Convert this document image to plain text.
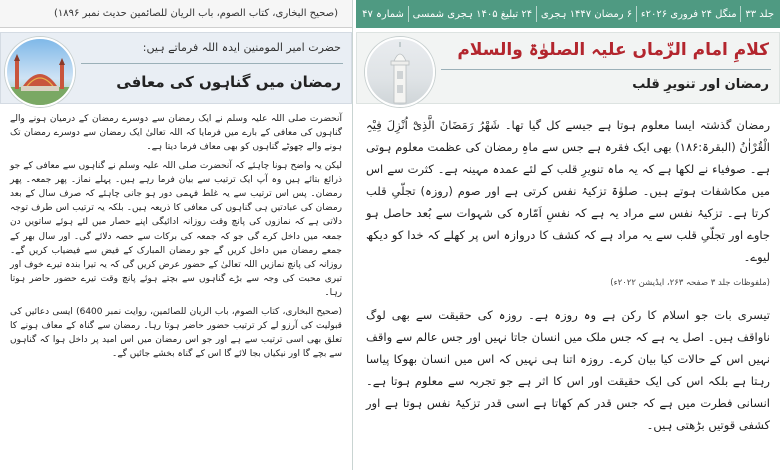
(صحیح البخاری، کتاب الصوم، باب الریان للصائمین حدیث نمبر ۱۸۹۶)
حضرت امیر المومنین ایدہ اللہ فرماتے ہیں:
رمضان میں گناہوں کی معافی

آنحضرت صلی اللہ علیہ وسلم نے ایک رمضان سے دوسرے رمضان کے درمیان ہونے والے گناہوں کی معافی کے بارے میں فرمایا کہ اللہ تعالیٰ ایک رمضان سے دوسرے رمضان تک ہونے والے چھوٹے گناہوں کو بھی معاف فرما دیتا ہے۔

لیکن یہ واضح ہونا چاہئے کہ آنحضرت صلی اللہ علیہ وسلم نے گناہوں سے معافی کے جو ذرائع بتائے ہیں وہ آپ ایک ترتیب سے بیان فرما رہے ہیں۔ پہلے نماز۔ پھر جمعہ۔ پھر رمضان۔ پس اس ترتیب سے یہ غلط فہمی دور ہو جانی چاہئے کہ صرف سال کے بعد رمضان کی عبادتیں ہی گناہوں کی معافی کا ذریعہ ہیں۔ بلکہ یہ ترتیب اس طرف توجہ دلاتی ہے کہ نمازوں کی پانچ وقت روزانہ ادائیگی اپنے حصار میں لئے ہوئے ساتویں دن جمعہ میں داخل کرے گی جو کہ جمعہ کی برکات سے حصہ دلائے گی۔ اور سال بھر کے جمعے رمضان میں داخل کریں گے جو رمضان المبارک کے فیض سے فیضیاب کریں گے۔ روزانہ کی پانچ نمازیں اللہ تعالیٰ کے حضور عرض کریں گی کہ یہ تیرا بندہ تیرے خوف اور تیری محبت کی وجہ سے بڑے گناہوں سے بچتے ہوئے پانچ وقت تیرے حضور حاضر ہوتا رہا۔

(صحیح البخاری، کتاب الصوم، باب الریان للصائمین، روایت نمبر 6400) ایسی دعائیں کی قبولیت کی آرزو لے کر ترتیب حضور حاضر ہوتا رہا۔ رمضان سے گناہ کے معاف ہونے کا تعلق بھی اسی ترتیب سے ہے اور جو اس رمضان میں اس امید پر داخل ہوا کہ گناہوں سے بچے گا اور نیکیاں بجا لائے گا اس کے گناہ بخشے جائیں گے۔

جلد ۳۳
منگل ۲۴ فروری ۲۰۲۶ء
۶ رمضان ۱۴۴۷ ہجری
۲۴ تبلیغ ۱۴۰۵ ہجری شمسی
شمارہ ۴۷
کلامِ امام الزّماں علیہ الصلوٰۃ والسلام
رمضان اور تنویرِ قلب

رمضان گذشتہ ایسا معلوم ہوتا ہے جیسے کل گیا تھا۔ شَھْرُ رَمَضَانَ الَّذِیْٓ اُنْزِلَ فِیْہِ الْقُرْاٰنُ (البقرۃ:۱۸۶) بھی ایک فقرہ ہے جس سے ماہِ رمضان کی عظمت معلوم ہوتی ہے۔ صوفیاء نے لکھا ہے کہ یہ ماہ تنویرِ قلب کے لئے عمدہ مہینہ ہے۔ کثرت سے اس میں مکاشفات ہوتے ہیں۔ صلوٰۃ تزکیۂ نفس کرتی ہے اور صوم (روزہ) تجلّیِ قلب کرتا ہے۔ تزکیۂ نفس سے مراد یہ ہے کہ نفسِ اَمّارہ کی شہوات سے بُعد حاصل ہو جاوے اور تجلّیِ قلب سے یہ مراد ہے کہ کشف کا دروازہ اس پر کھلے کہ خدا کو دیکھ لیوے۔

(ملفوظات جلد ۳ صفحہ ۲۶۳، ایڈیشن ۲۰۲۲ء)

تیسری بات جو اسلام کا رکن ہے وہ روزہ ہے۔ روزہ کی حقیقت سے بھی لوگ ناواقف ہیں۔ اصل یہ ہے کہ جس ملک میں انسان جاتا نہیں اور جس عالم سے واقف نہیں اس کے حالات کیا بیان کرے۔ روزہ اتنا ہی نہیں کہ اس میں انسان بھوکا پیاسا رہتا ہے بلکہ اس کی ایک حقیقت اور اس کا اثر ہے جو تجربہ سے معلوم ہوتا ہے۔ انسانی فطرت میں ہے کہ جس قدر کم کھاتا ہے اسی قدر تزکیۂ نفس ہوتا ہے اور کشفی قوتیں بڑھتی ہیں۔
